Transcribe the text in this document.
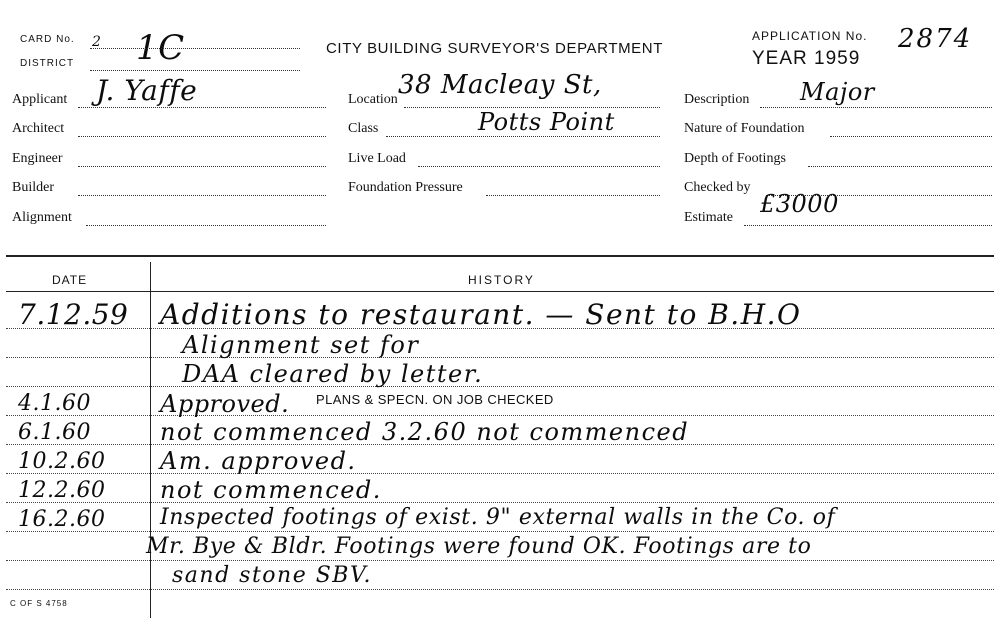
CARD No. 2
DISTRICT 1C	CITY BUILDING SURVEYOR'S DEPARTMENT
APPLICATION No. 2874
YEAR 1959
Applicant J. Yaffe
Architect
Engineer
Builder
Alignment
Location 38 Macleay St,
Class	Potts Point
Live Load
Foundation Pressure
Description Major
Nature of Foundation
Depth of Footings
Checked by
Estimate £3000
DATE	HISTORY
7.12.59	Additions to restaurant. — Sent to B.H.O
Alignment set for
DAA cleared by letter.
4.1.60	Approved. PLANS & SPECN. ON JOB CHECKED
6.1.60	not commenced 3.2.60 not commenced
10.2.60	Am. approved.
12.2.60	not commenced.
16.2.60	Inspected footings of exist. 9" external walls in the Co. of
Mr. Bye & Bldr. Footings were found OK. Footings are to
sand stone SBV.
C OF S 4758
